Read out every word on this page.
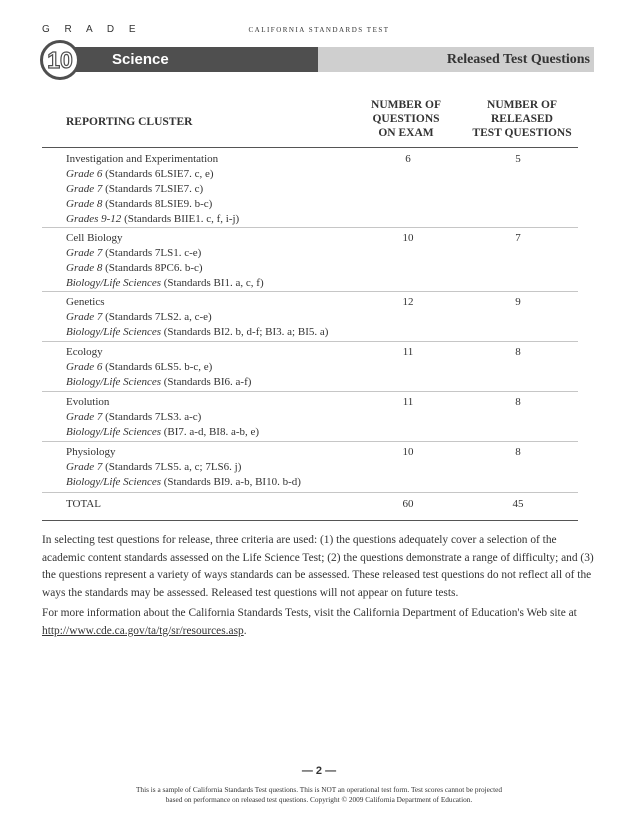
G R A D E	CALIFORNIA STANDARDS TEST
10	Science	Released Test Questions
REPORTING CLUSTER
NUMBER OF
QUESTIONS
ON EXAM
NUMBER OF
RELEASED
TEST QUESTIONS
Investigation and Experimentation
Grade 6 (Standards 6LSIE7. c, e)
Grade 7 (Standards 7LSIE7. c)
Grade 8 (Standards 8LSIE9. b-c)
Grades 9-12 (Standards BIIE1. c, f, i-j)
6	5
Cell Biology
Grade 7 (Standards 7LS1. c-e)
Grade 8 (Standards 8PC6. b-c)
Biology/Life Sciences (Standards BI1. a, c, f)
10	7
Genetics
Grade 7 (Standards 7LS2. a, c-e)
Biology/Life Sciences (Standards BI2. b, d-f; BI3. a; BI5. a)
12	9
Ecology
Grade 6 (Standards 6LS5. b-c, e)
Biology/Life Sciences (Standards BI6. a-f)
11	8
Evolution
Grade 7 (Standards 7LS3. a-c)
Biology/Life Sciences (BI7. a-d, BI8. a-b, e)
11	8
Physiology
Grade 7 (Standards 7LS5. a, c; 7LS6. j)
Biology/Life Sciences (Standards BI9. a-b, BI10. b-d)
10	8
TOTAL	60	45

In selecting test questions for release, three criteria are used: (1) the questions adequately cover a selection of the academic content standards assessed on the Life Science Test; (2) the questions demonstrate a range of difficulty; and (3) the questions represent a variety of ways standards can be assessed. These released test questions do not reflect all of the ways the standards may be assessed. Released test questions will not appear on future tests.

For more information about the California Standards Tests, visit the California Department of Education's Web site at http://www.cde.ca.gov/ta/tg/sr/resources.asp.

— 2 —
This is a sample of California Standards Test questions. This is NOT an operational test form. Test scores cannot be projected
based on performance on released test questions. Copyright © 2009 California Department of Education.
